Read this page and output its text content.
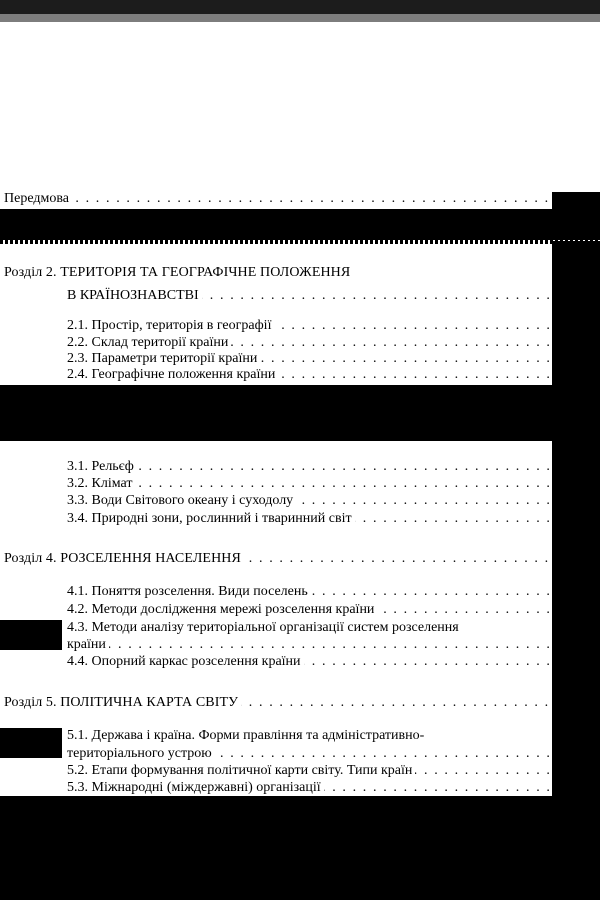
. . .
Передмова
Розділ 2. ТЕРИТОРІЯ ТА ГЕОГРАФІЧНЕ ПОЛОЖЕННЯ
. . .
В КРАЇНОЗНАВСТВІ
. . .
2.1. Простір, територія в географії
. . .
2.2. Склад території країни
. . .
2.3. Параметри території країни
. . .
2.4. Географічне положення країни
. . .
3.1. Рельєф
. . .
3.2. Клімат
. . .
3.3. Води Світового океану і суходолу
. . .
3.4. Природні зони, рослинний і тваринний світ
. . .
Розділ 4. РОЗСЕЛЕННЯ НАСЕЛЕННЯ
. . .
4.1. Поняття розселення. Види поселень
. . .
4.2. Методи дослідження мережі розселення країни
4.3. Методи аналізу територіальної організації систем розселення
. . .
країни
. . .
4.4. Опорний каркас розселення країни
. . .
Розділ 5. ПОЛІТИЧНА КАРТА СВІТУ
5.1. Держава і країна. Форми правління та адміністративно-
. . .
територіального устрою
. . .
5.2. Етапи формування політичної карти світу. Типи країн
. . .
5.3. Міжнародні (міждержавні) організації
